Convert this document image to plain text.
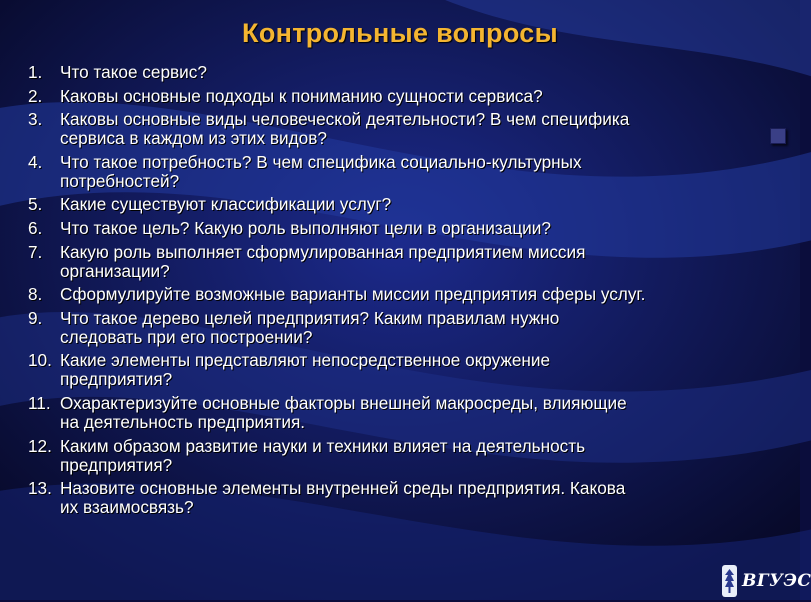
Контрольные вопросы
1.	Что такое сервис?
2.	Каковы основные подходы к пониманию сущности сервиса?
3.	Каковы основные виды человеческой деятельности? В чем специфика
сервиса в каждом из этих видов?
4.	Что такое потребность? В чем специфика социально-культурных
потребностей?
5.	Какие существуют классификации услуг?
6.	Что такое цель? Какую роль выполняют цели в организации?
7.	Какую роль выполняет сформулированная предприятием миссия
организации?
8.	Сформулируйте возможные варианты миссии предприятия сферы услуг.
9.	Что такое дерево целей предприятия? Каким правилам нужно
следовать при его построении?
10. Какие элементы представляют непосредственное окружение
предприятия?
11. Охарактеризуйте основные факторы внешней макросреды, влияющие
на деятельность предприятия.
12. Каким образом развитие науки и техники влияет на деятельность
предприятия?
13. Назовите основные элементы внутренней среды предприятия. Какова
их взаимосвязь?
ВГУЭС
